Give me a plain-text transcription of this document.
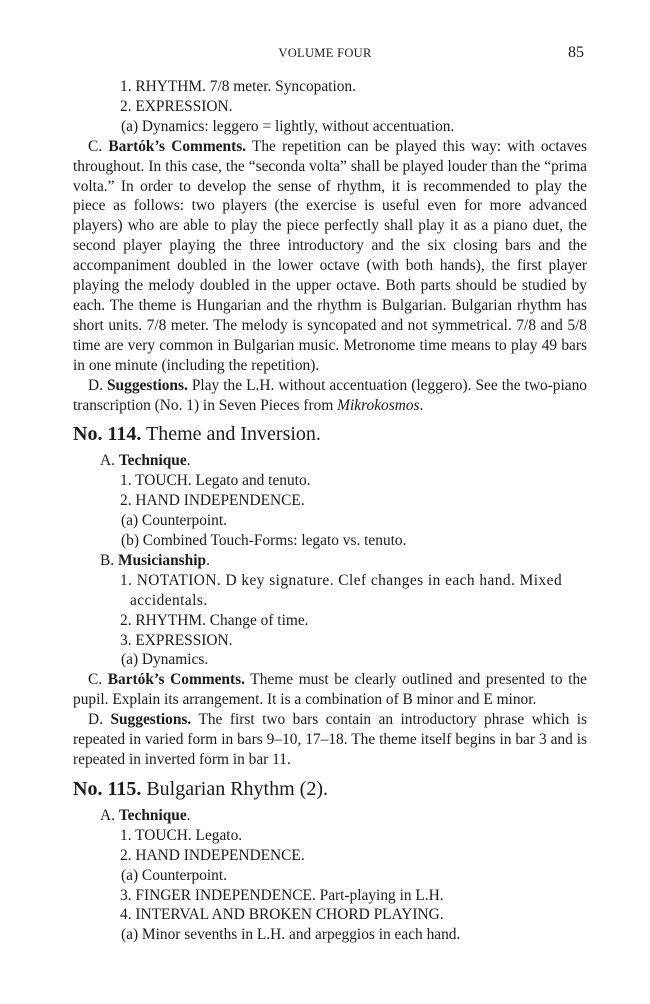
VOLUME FOUR	85

1. RHYTHM. 7/8 meter. Syncopation.

2. EXPRESSION.

(a) Dynamics: leggero = lightly, without accentuation.

C. Bartók’s Comments. The repetition can be played this way: with octaves throughout. In this case, the “seconda volta” shall be played louder than the “prima volta.” In order to develop the sense of rhythm, it is recommended to play the piece as follows: two players (the exercise is useful even for more advanced players) who are able to play the piece perfectly shall play it as a piano duet, the second player playing the three introductory and the six closing bars and the accompaniment doubled in the lower octave (with both hands), the first player playing the melody doubled in the upper octave. Both parts should be studied by each. The theme is Hungarian and the rhythm is Bulgarian. Bulgarian rhythm has short units. 7/8 meter. The melody is syncopated and not symmetrical. 7/8 and 5/8 time are very common in Bulgarian music. Metronome time means to play 49 bars in one minute (including the repetition).

D. Suggestions. Play the L.H. without accentuation (leggero). See the two-piano transcription (No. 1) in Seven Pieces from Mikrokosmos.

No. 114. Theme and Inversion.

A. Technique.

1. TOUCH. Legato and tenuto.

2. HAND INDEPENDENCE.

(a) Counterpoint.

(b) Combined Touch-Forms: legato vs. tenuto.

B. Musicianship.

1. NOTATION. D key signature. Clef changes in each hand. Mixed accidentals.

2. RHYTHM. Change of time.

3. EXPRESSION.

(a) Dynamics.

C. Bartók’s Comments. Theme must be clearly outlined and presented to the pupil. Explain its arrangement. It is a combination of B minor and E minor.

D. Suggestions. The first two bars contain an introductory phrase which is repeated in varied form in bars 9–10, 17–18. The theme itself begins in bar 3 and is repeated in inverted form in bar 11.

No. 115. Bulgarian Rhythm (2).

A. Technique.

1. TOUCH. Legato.

2. HAND INDEPENDENCE.

(a) Counterpoint.

3. FINGER INDEPENDENCE. Part-playing in L.H.

4. INTERVAL AND BROKEN CHORD PLAYING.

(a) Minor sevenths in L.H. and arpeggios in each hand.
